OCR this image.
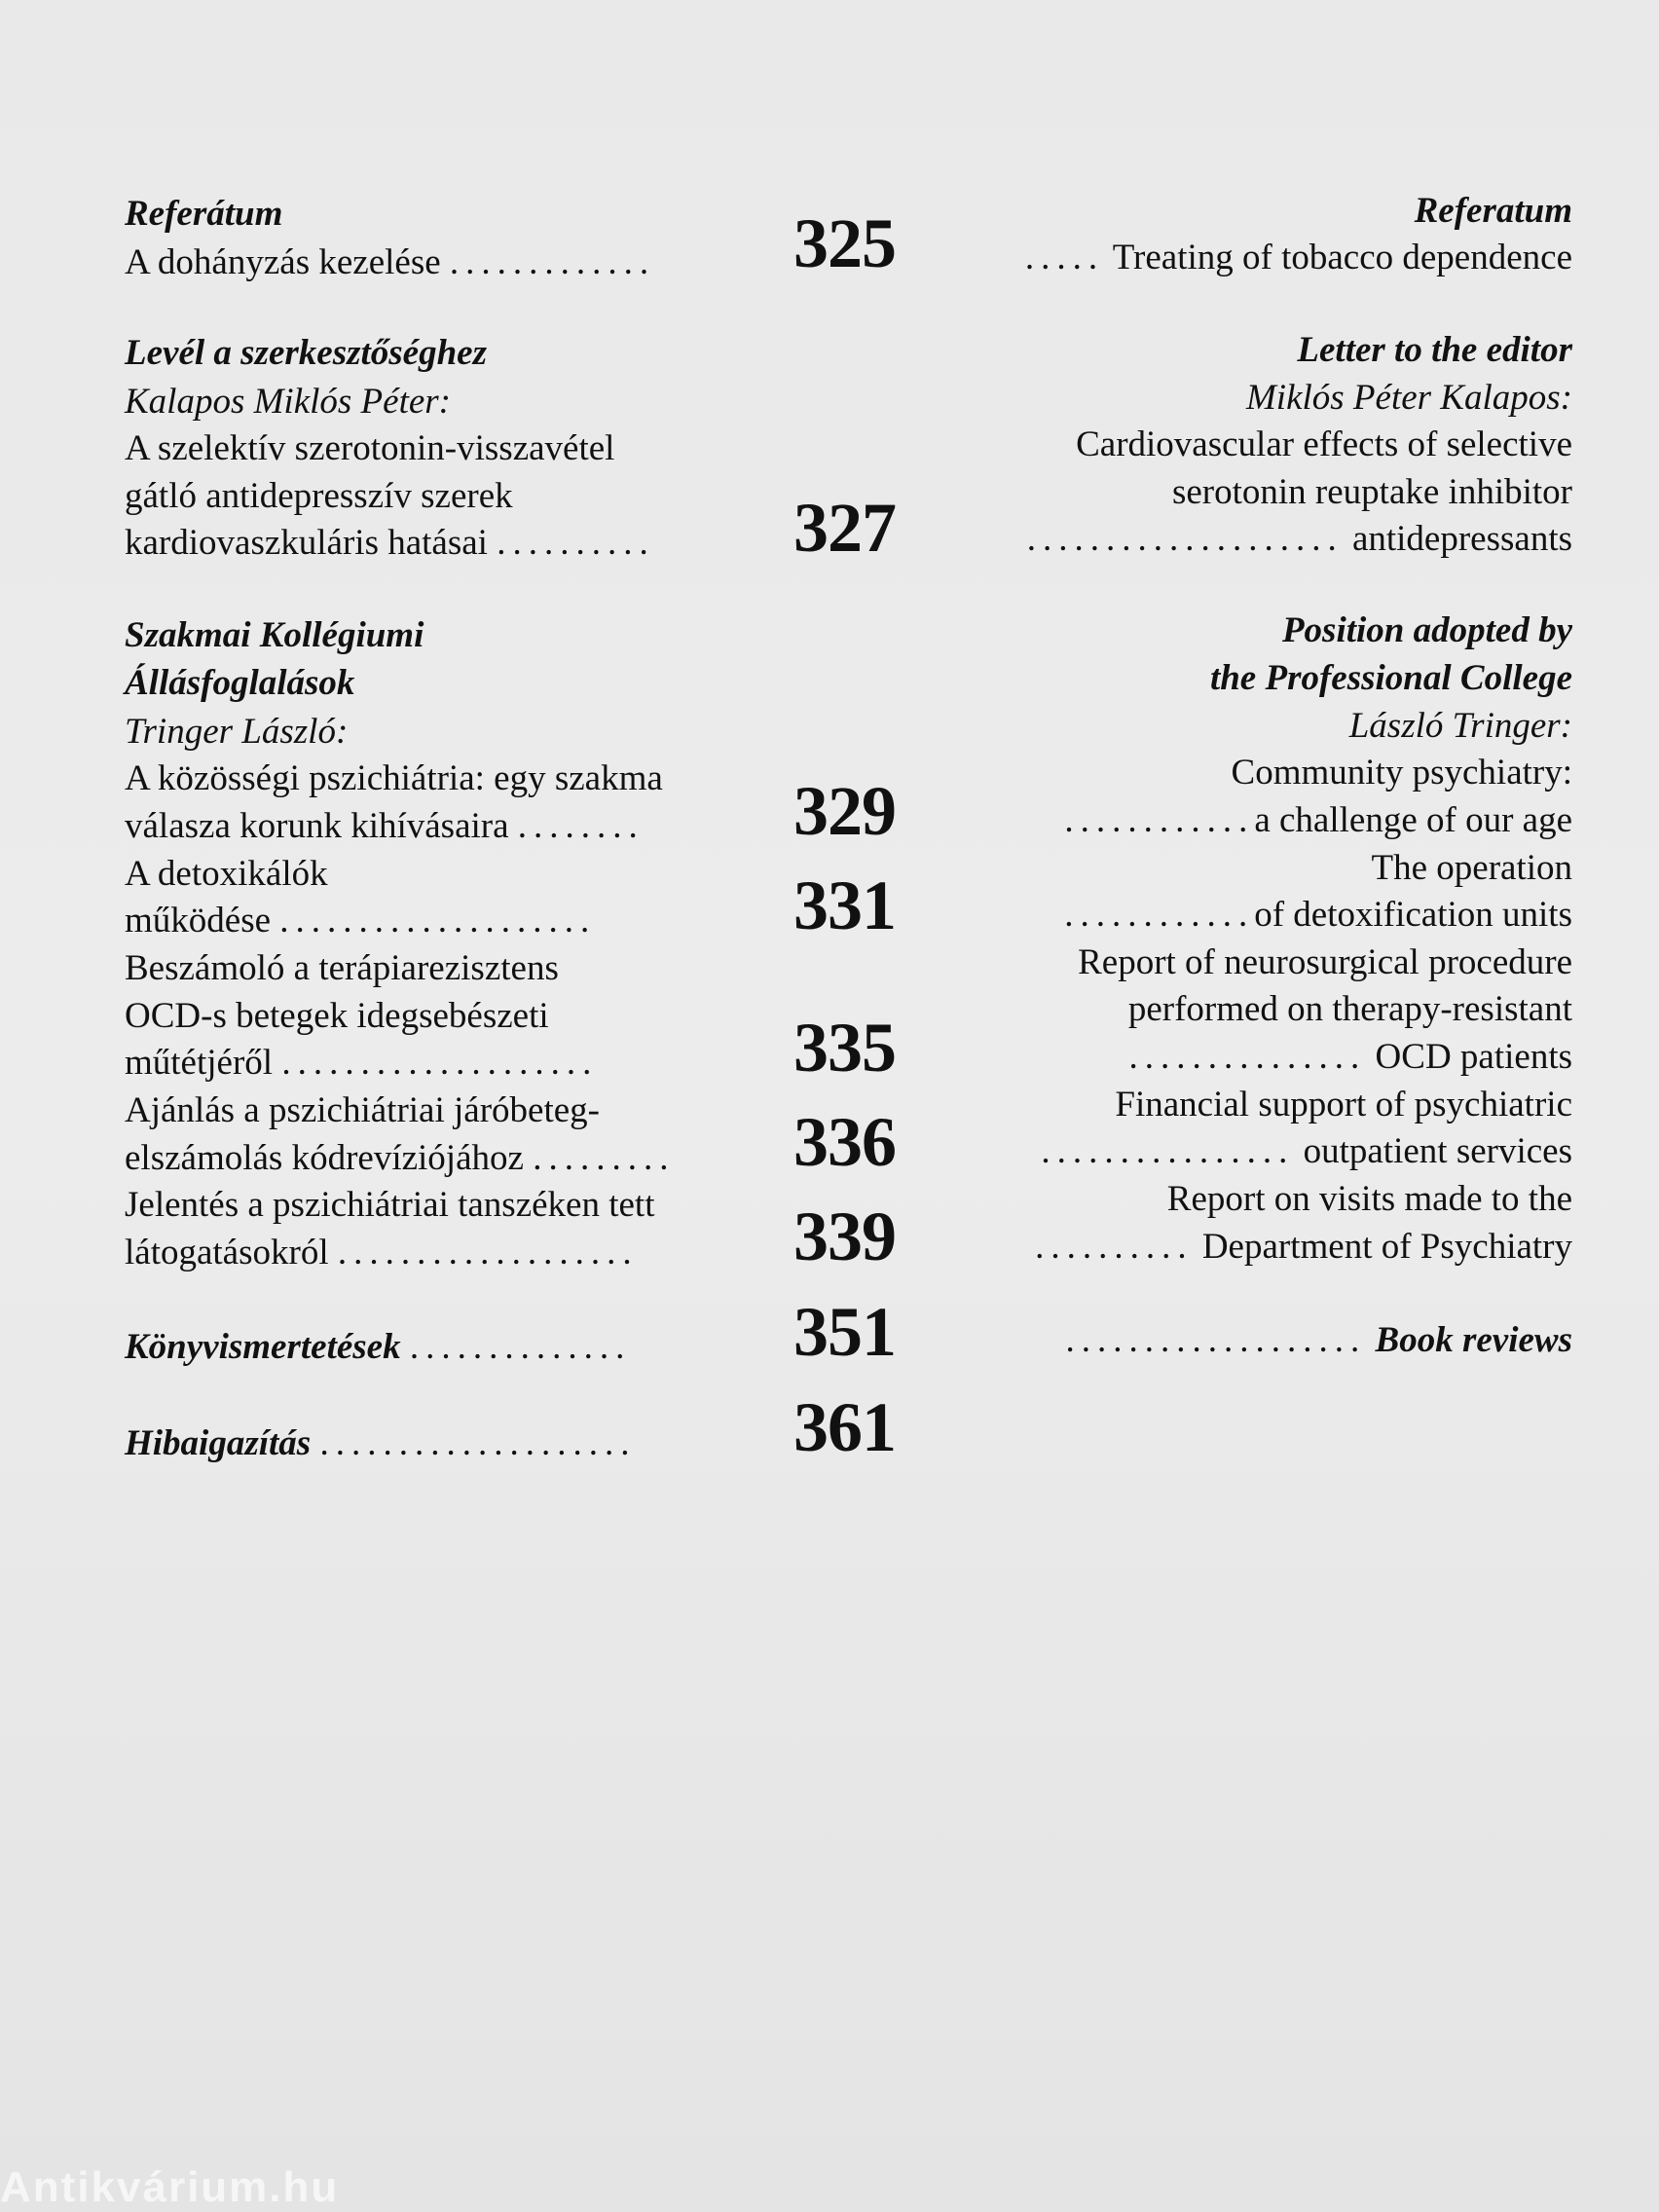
Referátum
A dohányzás kezelése .............
Levél a szerkesztőséghez
Kalapos Miklós Péter:
A szelektív szerotonin-visszavétel
gátló antidepresszív szerek
kardiovaszkuláris hatásai ..........
Szakmai Kollégiumi
Állásfoglalások
Tringer László:
A közösségi pszichiátria: egy szakma
válasza korunk kihívásaira ........
A detoxikálók
működése ....................
Beszámoló a terápiarezisztens
OCD-s betegek idegsebészeti
műtétjéről ....................
Ajánlás a pszichiátriai járóbeteg-
elszámolás kódrevíziójához .........
Jelentés a pszichiátriai tanszéken tett
látogatásokról ...................
Könyvismertetések ..............
Hibaigazítás ....................
325
327
329
331
335
336
339
351
361
Referatum
..... Treating of tobacco dependence
Letter to the editor
Miklós Péter Kalapos:
Cardiovascular effects of selective
serotonin reuptake inhibitor
.................... antidepressants
Position adopted by
the Professional College
László Tringer:
Community psychiatry:
............a challenge of our age
The operation
............of detoxification units
Report of neurosurgical procedure
performed on therapy-resistant
............... OCD patients
Financial support of psychiatric
................ outpatient services
Report on visits made to the
.......... Department of Psychiatry
................... Book reviews
Antikvárium.hu
